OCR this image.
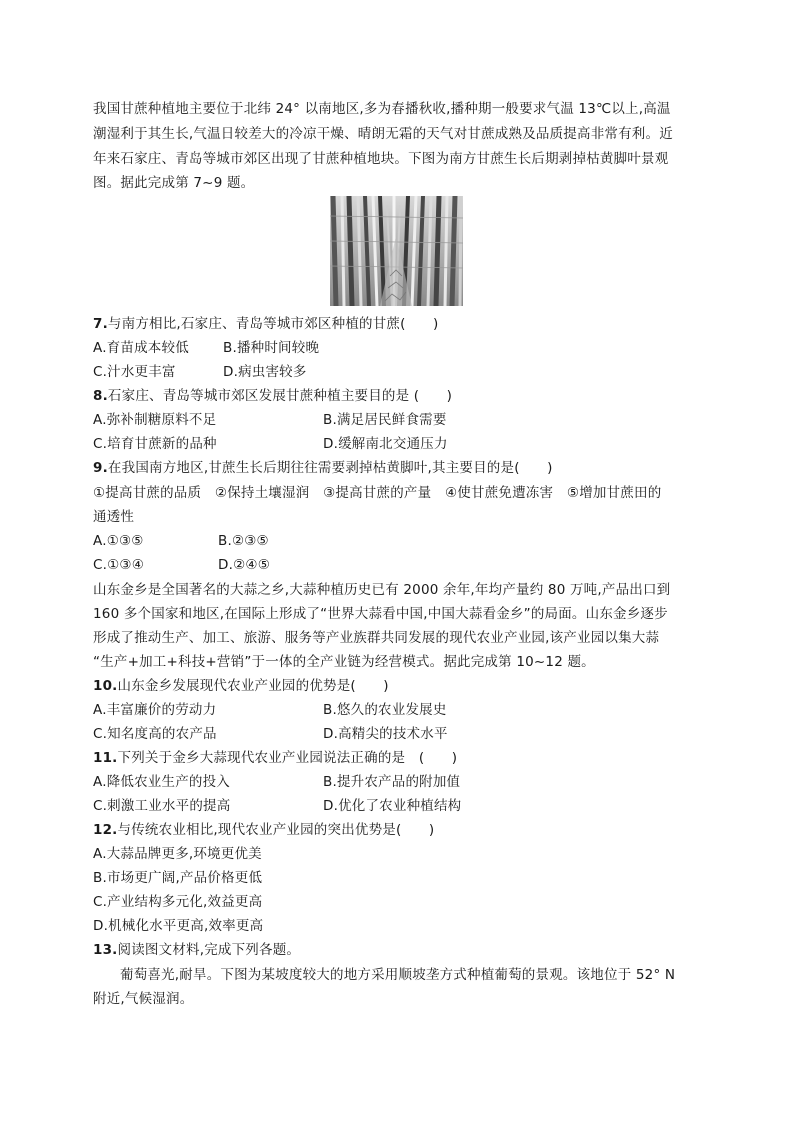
我国甘蔗种植地主要位于北纬 24° 以南地区,多为春播秋收,播种期一般要求气温 13℃以上,高温
潮湿利于其生长,气温日较差大的冷凉干燥、晴朗无霜的天气对甘蔗成熟及品质提高非常有利。近
年来石家庄、青岛等城市郊区出现了甘蔗种植地块。下图为南方甘蔗生长后期剥掉枯黄脚叶景观
图。据此完成第 7~9 题。
7.与南方相比,石家庄、青岛等城市郊区种植的甘蔗(　　)
A.育苗成本较低	B.播种时间较晚
C.汁水更丰富	D.病虫害较多
8.石家庄、青岛等城市郊区发展甘蔗种植主要目的是 (　　)
A.弥补制糖原料不足	B.满足居民鲜食需要
C.培育甘蔗新的品种	D.缓解南北交通压力
9.在我国南方地区,甘蔗生长后期往往需要剥掉枯黄脚叶,其主要目的是(　　)
①提高甘蔗的品质　②保持土壤湿润　③提高甘蔗的产量　④使甘蔗免遭冻害　⑤增加甘蔗田的
通透性
A.①③⑤	B.②③⑤
C.①③④	D.②④⑤
山东金乡是全国著名的大蒜之乡,大蒜种植历史已有 2000 余年,年均产量约 80 万吨,产品出口到
160 多个国家和地区,在国际上形成了“世界大蒜看中国,中国大蒜看金乡”的局面。山东金乡逐步
形成了推动生产、加工、旅游、服务等产业族群共同发展的现代农业产业园,该产业园以集大蒜
“生产+加工+科技+营销”于一体的全产业链为经营模式。据此完成第 10~12 题。
10.山东金乡发展现代农业产业园的优势是(　　)
A.丰富廉价的劳动力	B.悠久的农业发展史
C.知名度高的农产品	D.高精尖的技术水平
11.下列关于金乡大蒜现代农业产业园说法正确的是　(　　)
A.降低农业生产的投入	B.提升农产品的附加值
C.刺激工业水平的提高	D.优化了农业种植结构
12.与传统农业相比,现代农业产业园的突出优势是(　　)
A.大蒜品牌更多,环境更优美
B.市场更广阔,产品价格更低
C.产业结构多元化,效益更高
D.机械化水平更高,效率更高
13.阅读图文材料,完成下列各题。
葡萄喜光,耐旱。下图为某坡度较大的地方采用顺坡垄方式种植葡萄的景观。该地位于 52° N
附近,气候湿润。
